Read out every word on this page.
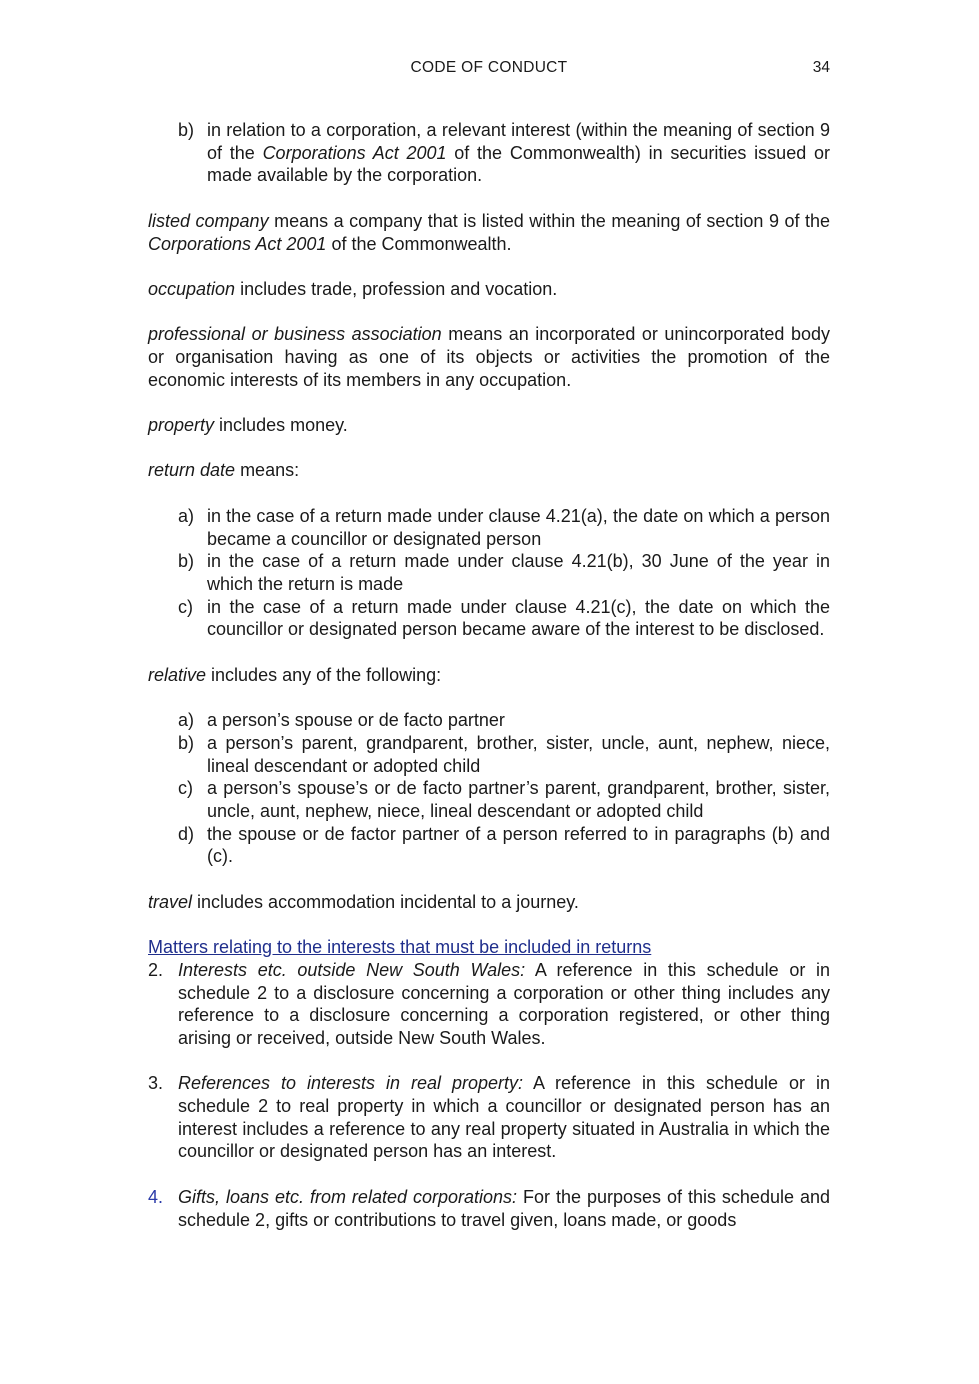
CODE OF CONDUCT	34
b) in relation to a corporation, a relevant interest (within the meaning of section 9 of the Corporations Act 2001 of the Commonwealth) in securities issued or made available by the corporation.

listed company means a company that is listed within the meaning of section 9 of the Corporations Act 2001 of the Commonwealth.

occupation includes trade, profession and vocation.

professional or business association means an incorporated or unincorporated body or organisation having as one of its objects or activities the promotion of the economic interests of its members in any occupation.

property includes money.

return date means:

a) in the case of a return made under clause 4.21(a), the date on which a person became a councillor or designated person
b) in the case of a return made under clause 4.21(b), 30 June of the year in which the return is made
c) in the case of a return made under clause 4.21(c), the date on which the councillor or designated person became aware of the interest to be disclosed.

relative includes any of the following:

a) a person’s spouse or de facto partner
b) a person’s parent, grandparent, brother, sister, uncle, aunt, nephew, niece, lineal descendant or adopted child
c) a person’s spouse’s or de facto partner’s parent, grandparent, brother, sister, uncle, aunt, nephew, niece, lineal descendant or adopted child
d) the spouse or de factor partner of a person referred to in paragraphs (b) and (c).

travel includes accommodation incidental to a journey.

Matters relating to the interests that must be included in returns

2. Interests etc. outside New South Wales: A reference in this schedule or in schedule 2 to a disclosure concerning a corporation or other thing includes any reference to a disclosure concerning a corporation registered, or other thing arising or received, outside New South Wales.
3. References to interests in real property: A reference in this schedule or in schedule 2 to real property in which a councillor or designated person has an interest includes a reference to any real property situated in Australia in which the councillor or designated person has an interest.
4. Gifts, loans etc. from related corporations: For the purposes of this schedule and schedule 2, gifts or contributions to travel given, loans made, or goods
